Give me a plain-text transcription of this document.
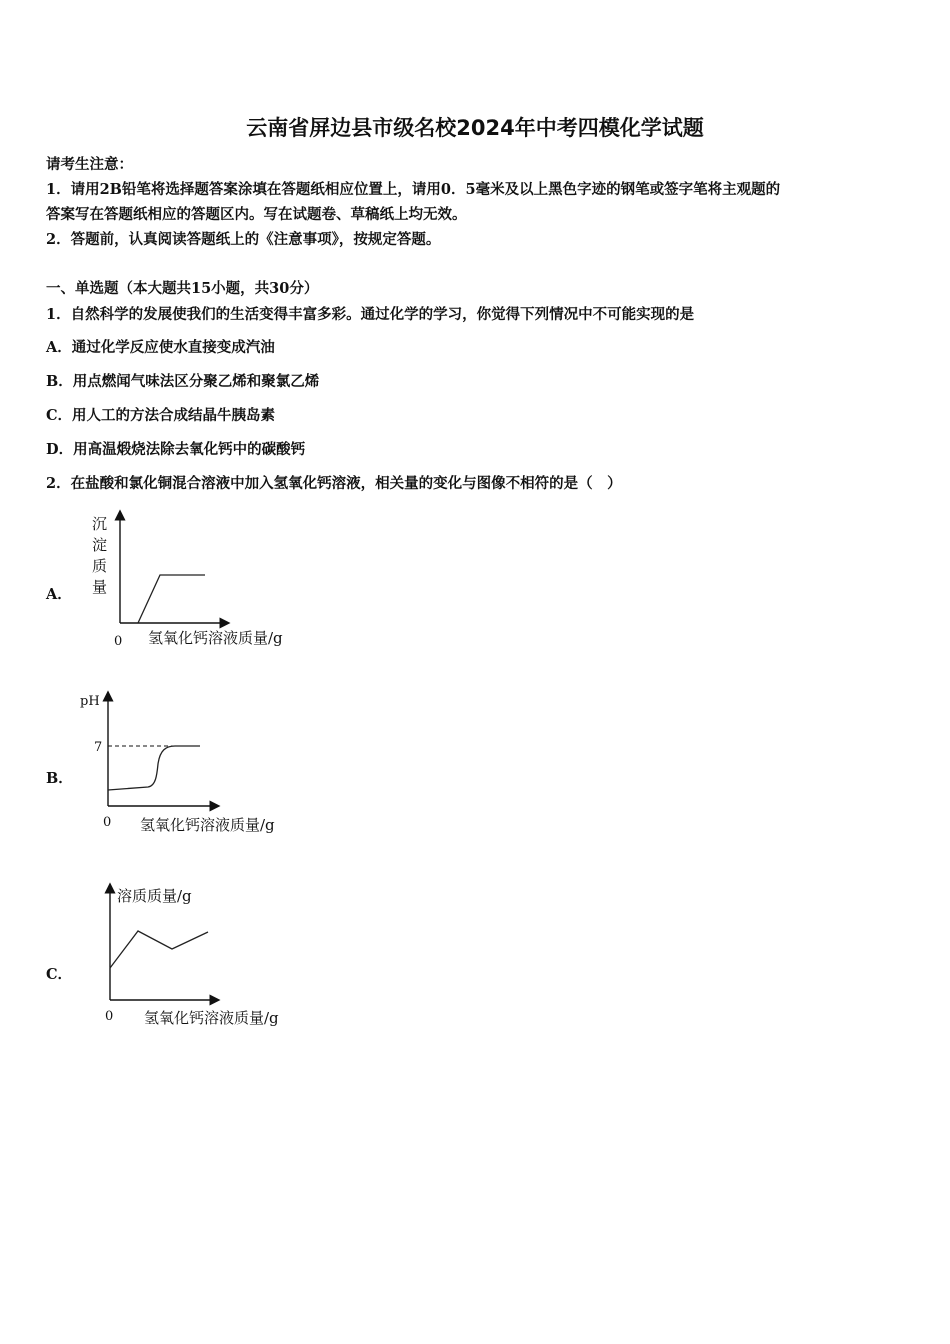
云南省屏边县市级名校2024年中考四模化学试题
请考生注意：
1．请用2B铅笔将选择题答案涂填在答题纸相应位置上，请用0．5毫米及以上黑色字迹的钢笔或签字笔将主观题的
答案写在答题纸相应的答题区内。写在试题卷、草稿纸上均无效。
2．答题前，认真阅读答题纸上的《注意事项》，按规定答题。
一、单选题（本大题共15小题，共30分）
1．自然科学的发展使我们的生活变得丰富多彩。通过化学的学习，你觉得下列情况中不可能实现的是
A．通过化学反应使水直接变成汽油
B．用点燃闻气味法区分聚乙烯和聚氯乙烯
C．用人工的方法合成结晶牛胰岛素
D．用高温煅烧法除去氧化钙中的碳酸钙
2．在盐酸和氯化铜混合溶液中加入氢氧化钙溶液，相关量的变化与图像不相符的是（　）
A．
沉
淀
质
量
0 氢氧化钙溶液质量/g
B．
pH
7
0 氢氧化钙溶液质量/g
C．
溶质质量/g
0 氢氧化钙溶液质量/g
